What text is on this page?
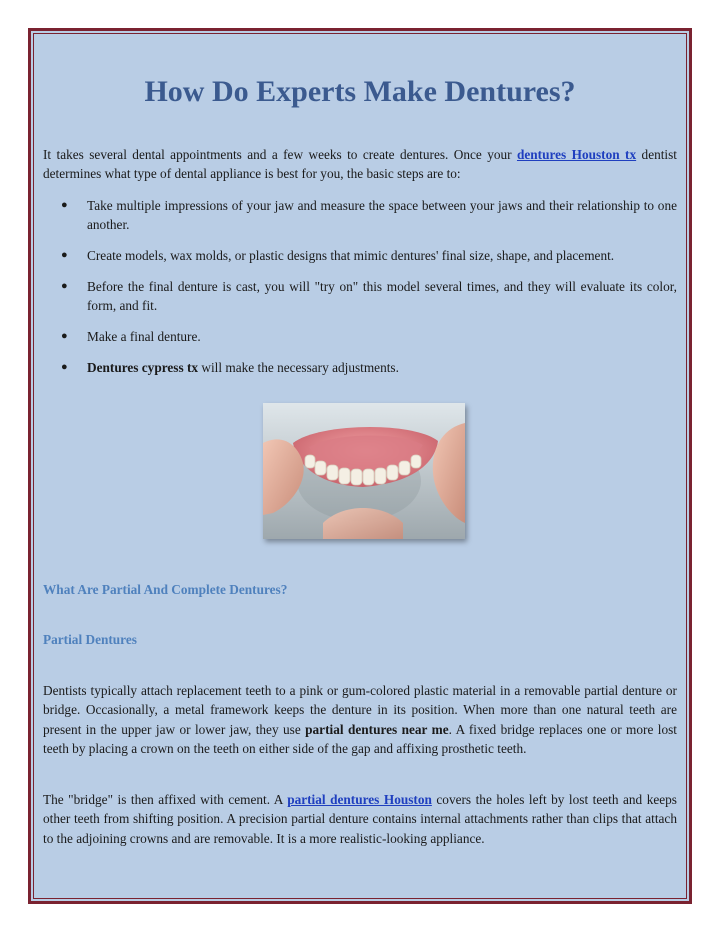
How Do Experts Make Dentures?

It takes several dental appointments and a few weeks to create dentures. Once your dentures Houston tx dentist determines what type of dental appliance is best for you, the basic steps are to:

● Take multiple impressions of your jaw and measure the space between your jaws and their relationship to one another.
● Create models, wax molds, or plastic designs that mimic dentures' final size, shape, and placement.
● Before the final denture is cast, you will "try on" this model several times, and they will evaluate its color, form, and fit.
● Make a final denture.
● Dentures cypress tx will make the necessary adjustments.

What Are Partial And Complete Dentures?

Partial Dentures

Dentists typically attach replacement teeth to a pink or gum-colored plastic material in a removable partial denture or bridge. Occasionally, a metal framework keeps the denture in its position. When more than one natural teeth are present in the upper jaw or lower jaw, they use partial dentures near me. A fixed bridge replaces one or more lost teeth by placing a crown on the teeth on either side of the gap and affixing prosthetic teeth.

The "bridge" is then affixed with cement. A partial dentures Houston covers the holes left by lost teeth and keeps other teeth from shifting position. A precision partial denture contains internal attachments rather than clips that attach to the adjoining crowns and are removable. It is a more realistic-looking appliance.
